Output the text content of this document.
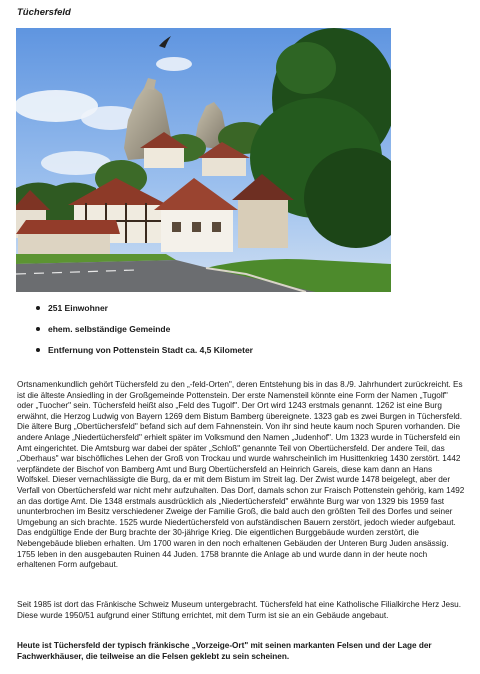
Tüchersfeld
251 Einwohner
ehem. selbständige Gemeinde
Entfernung von Pottenstein Stadt ca. 4,5 Kilometer

Ortsnamenkundlich gehört Tüchersfeld zu den „-feld-Orten", deren Entstehung bis in das 8./9. Jahrhundert zurückreicht. Es ist die älteste Ansiedling in der Großgemeinde Pottenstein. Der erste Namensteil könnte eine Form der Namen „Tugolf" oder „Tuocher" sein. Tüchersfeld heißt also „Feld des Tugolf". Der Ort wird 1243 erstmals genannt. 1262 ist eine Burg erwähnt, die Herzog Ludwig von Bayern 1269 dem Bistum Bamberg übereignete. 1323 gab es zwei Burgen in Tüchersfeld. Die ältere Burg „Obertüchersfeld" befand sich auf dem Fahnenstein. Von ihr sind heute kaum noch Spuren vorhanden. Die andere Anlage „Niedertüchersfeld" erhielt später im Volksmund den Namen „Judenhof". Um 1323 wurde in Tüchersfeld ein Amt eingerichtet. Die Amtsburg war dabei der später „Schloß" genannte Teil von Obertüchersfeld. Der andere Teil, das „Oberhaus" war bischöfliches Lehen der Groß von Trockau und wurde wahrscheinlich im Husittenkrieg 1430 zerstört. 1442 verpfändete der Bischof von Bamberg Amt und Burg Obertüchersfeld an Heinrich Gareis, diese kam dann an Hans Wolfskel. Dieser vernachlässigte die Burg, da er mit dem Bistum im Streit lag. Der Zwist wurde 1478 beigelegt, aber der Verfall von Obertüchersfeld war nicht mehr aufzuhalten. Das Dorf, damals schon zur Fraisch Pottenstein gehörig, kam 1492 an das dortige Amt. Die 1348 erstmals ausdrücklich als „Niedertüchersfeld" erwähnte Burg war von 1329 bis 1959 fast ununterbrochen im Besitz verschiedener Zweige der Familie Groß, die bald auch den größten Teil des Dorfes und seiner Umgebung an sich brachte. 1525 wurde Niedertüchersfeld von aufständischen Bauern zerstört, jedoch wieder aufgebaut. Das endgültige Ende der Burg brachte der 30-jährige Krieg. Die eigentlichen Burggebäude wurden zerstört, die Nebengebäude blieben erhalten. Um 1700 waren in den noch erhaltenen Gebäuden der Unteren Burg Juden ansässig. 1755 leben in den ausgebauten Ruinen 44 Juden. 1758 brannte die Anlage ab und wurde dann in der heute noch erhaltenen Form aufgebaut.

Seit 1985 ist dort das Fränkische Schweiz Museum untergebracht. Tüchersfeld hat eine Katholische Filialkirche Herz Jesu. Diese wurde 1950/51 aufgrund einer Stiftung errichtet, mit dem Turm ist sie an ein Gebäude angebaut.

Heute ist Tüchersfeld der typisch fränkische „Vorzeige-Ort" mit seinen markanten Felsen und der Lage der Fachwerkhäuser, die teilweise an die Felsen geklebt zu sein scheinen.
